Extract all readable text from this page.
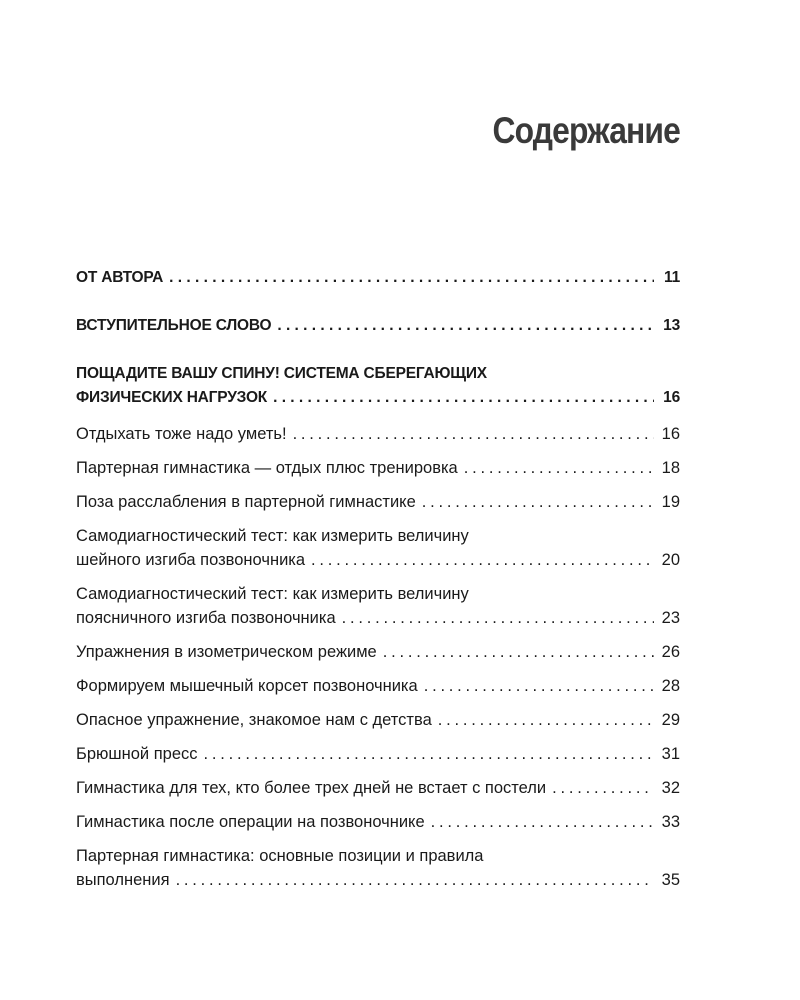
Содержание
ОТ АВТОРА . . .	11
ВСТУПИТЕЛЬНОЕ СЛОВО . . .	13
ПОЩАДИТЕ ВАШУ СПИНУ! СИСТЕМА СБЕРЕГАЮЩИХ
ФИЗИЧЕСКИХ НАГРУЗОК . . .	16
Отдыхать тоже надо уметь! . . .	16
Партерная гимнастика — отдых плюс тренировка . . .	18
Поза расслабления в партерной гимнастике . . .	19
Самодиагностический тест: как измерить величину
шейного изгиба позвоночника . . .	20
Самодиагностический тест: как измерить величину
поясничного изгиба позвоночника . . .	23
Упражнения в изометрическом режиме . . .	26
Формируем мышечный корсет позвоночника . . .	28
Опасное упражнение, знакомое нам с детства . . .	29
Брюшной пресс . . .	31
Гимнастика для тех, кто более трех дней не встает с постели . . .	32
Гимнастика после операции на позвоночнике . . .	33
Партерная гимнастика: основные позиции и правила
выполнения . . .	35
